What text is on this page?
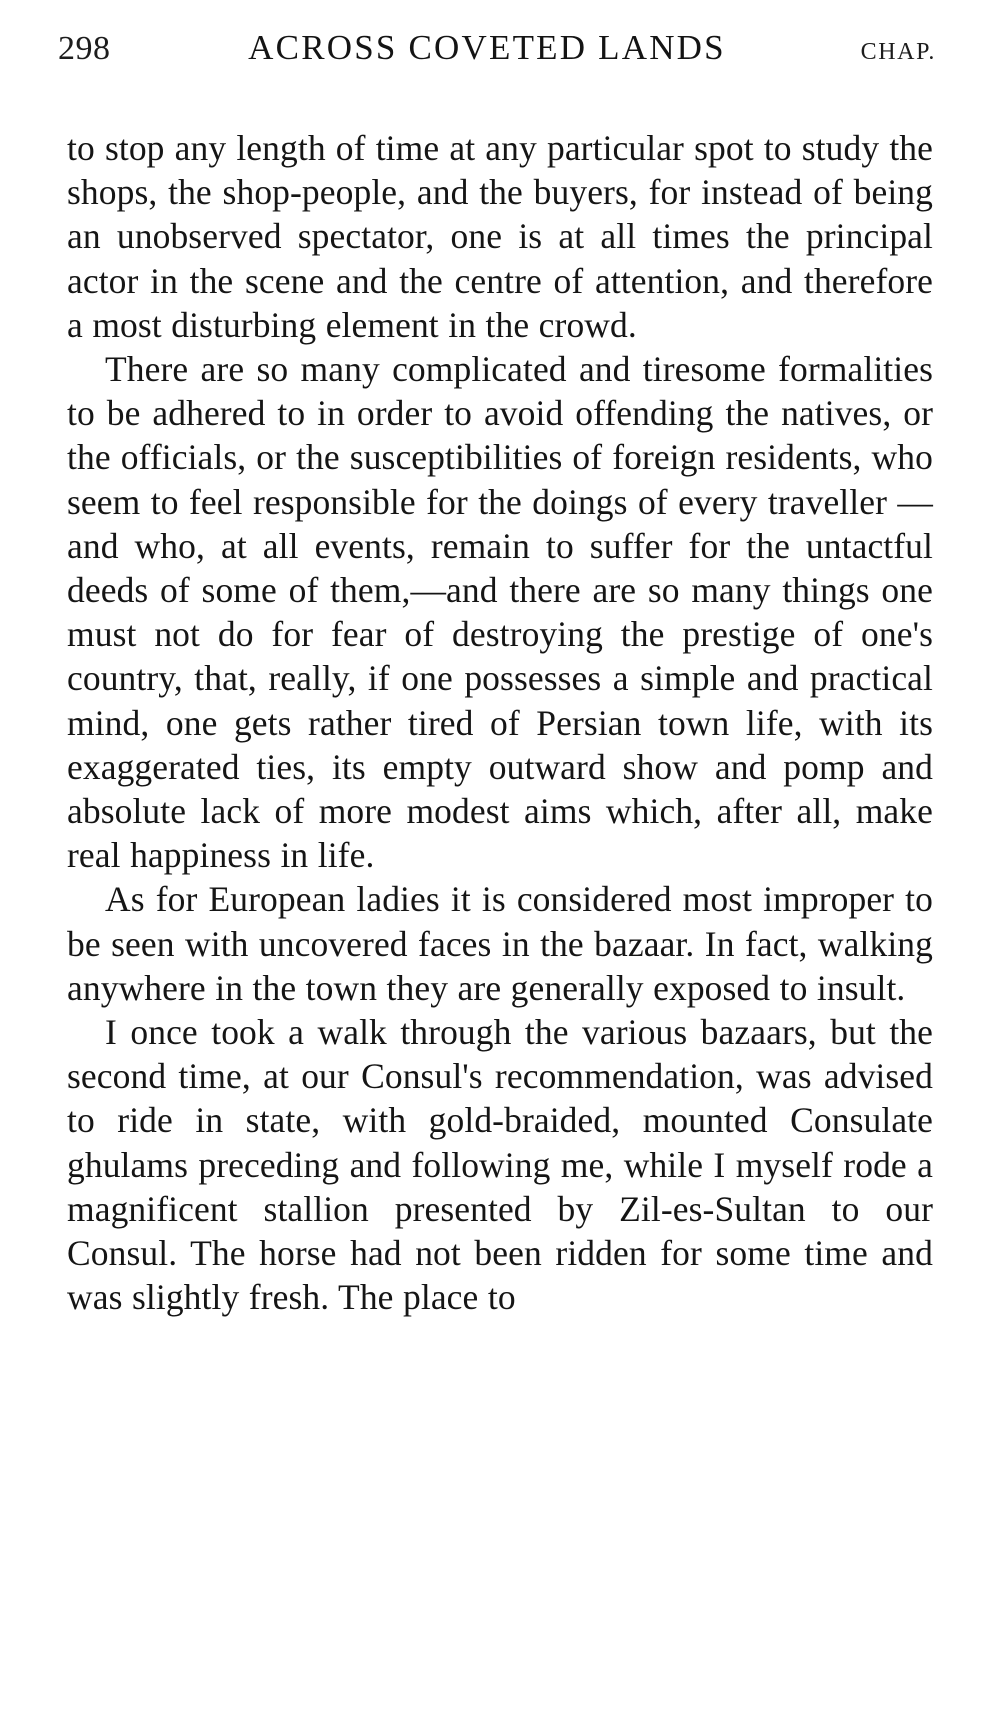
298	ACROSS COVETED LANDS	CHAP.

to stop any length of time at any particular spot to study the shops, the shop-people, and the buyers, for instead of being an unobserved spectator, one is at all times the principal actor in the scene and the centre of attention, and therefore a most disturbing element in the crowd.

There are so many complicated and tiresome formalities to be adhered to in order to avoid offending the natives, or the officials, or the susceptibilities of foreign residents, who seem to feel responsible for the doings of every traveller —and who, at all events, remain to suffer for the untactful deeds of some of them,—and there are so many things one must not do for fear of destroying the prestige of one's country, that, really, if one possesses a simple and practical mind, one gets rather tired of Persian town life, with its exaggerated ties, its empty outward show and pomp and absolute lack of more modest aims which, after all, make real happiness in life.

As for European ladies it is considered most improper to be seen with uncovered faces in the bazaar. In fact, walking anywhere in the town they are generally exposed to insult.

I once took a walk through the various bazaars, but the second time, at our Consul's recommendation, was advised to ride in state, with gold-braided, mounted Consulate ghulams preceding and following me, while I myself rode a magnificent stallion presented by Zil-es-Sultan to our Consul. The horse had not been ridden for some time and was slightly fresh. The place to
